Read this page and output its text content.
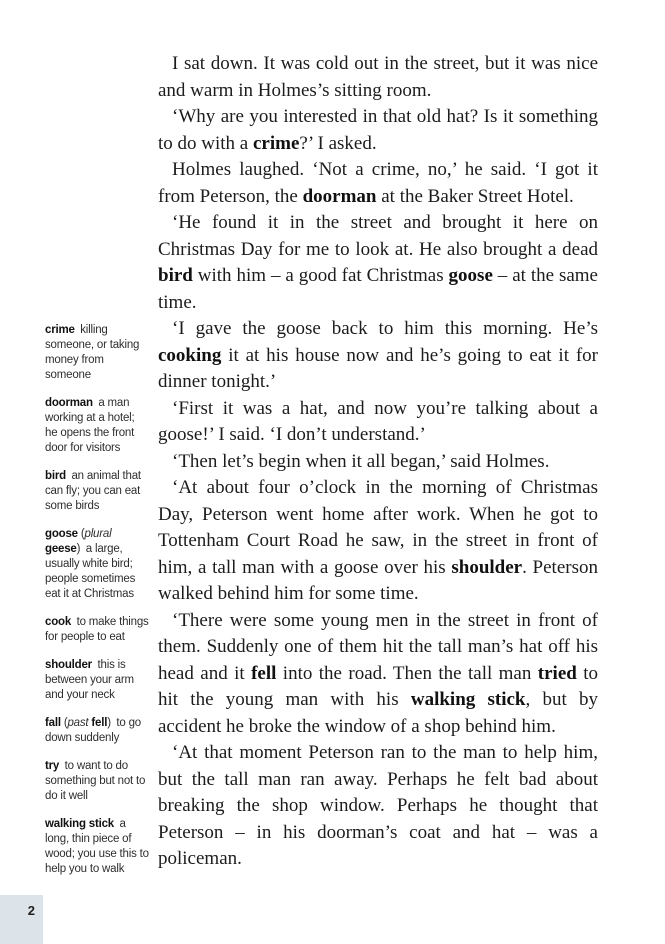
crime killing someone, or taking money from someone
doorman a man working at a hotel; he opens the front door for visitors
bird an animal that can fly; you can eat some birds
goose (plural geese) a large, usually white bird; people sometimes eat it at Christmas
cook to make things for people to eat
shoulder this is between your arm and your neck
fall (past fell) to go down suddenly
try to want to do something but not to do it well
walking stick a long, thin piece of wood; you use this to help you to walk

I sat down. It was cold out in the street, but it was nice and warm in Holmes’s sitting room.

‘Why are you interested in that old hat? Is it something to do with a crime?’ I asked.

Holmes laughed. ‘Not a crime, no,’ he said. ‘I got it from Peterson, the doorman at the Baker Street Hotel.

‘He found it in the street and brought it here on Christmas Day for me to look at. He also brought a dead bird with him – a good fat Christmas goose – at the same time.

‘I gave the goose back to him this morning. He’s cooking it at his house now and he’s going to eat it for dinner tonight.’

‘First it was a hat, and now you’re talking about a goose!’ I said. ‘I don’t understand.’

‘Then let’s begin when it all began,’ said Holmes.

‘At about four o’clock in the morning of Christmas Day, Peterson went home after work. When he got to Tottenham Court Road he saw, in the street in front of him, a tall man with a goose over his shoulder. Peterson walked behind him for some time.

‘There were some young men in the street in front of them. Suddenly one of them hit the tall man’s hat off his head and it fell into the road. Then the tall man tried to hit the young man with his walking stick, but by accident he broke the window of a shop behind him.

‘At that moment Peterson ran to the man to help him, but the tall man ran away. Perhaps he felt bad about breaking the shop window. Perhaps he thought that Peterson – in his doorman’s coat and hat – was a policeman.

2
